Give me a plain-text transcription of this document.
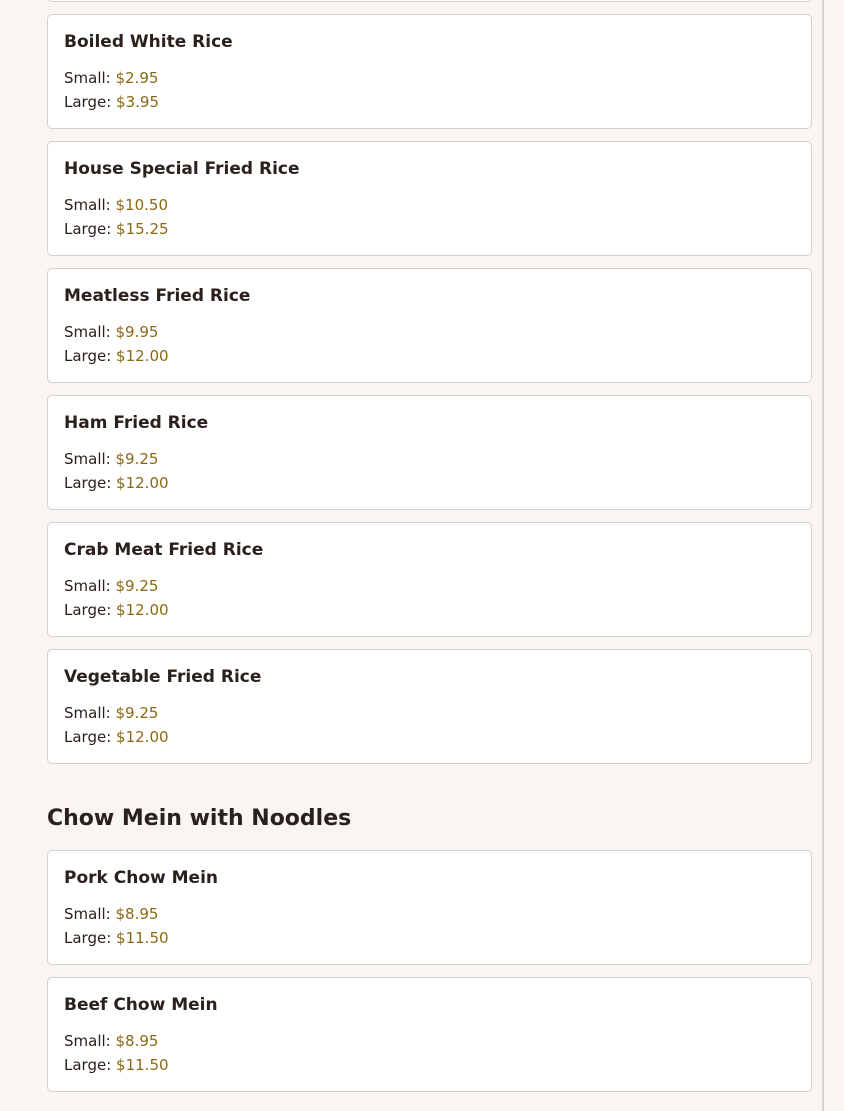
Boiled White Rice
Small: $2.95
Large: $3.95
House Special Fried Rice
Small: $10.50
Large: $15.25
Meatless Fried Rice
Small: $9.95
Large: $12.00
Ham Fried Rice
Small: $9.25
Large: $12.00
Crab Meat Fried Rice
Small: $9.25
Large: $12.00
Vegetable Fried Rice
Small: $9.25
Large: $12.00
Chow Mein with Noodles
Pork Chow Mein
Small: $8.95
Large: $11.50
Beef Chow Mein
Small: $8.95
Large: $11.50
